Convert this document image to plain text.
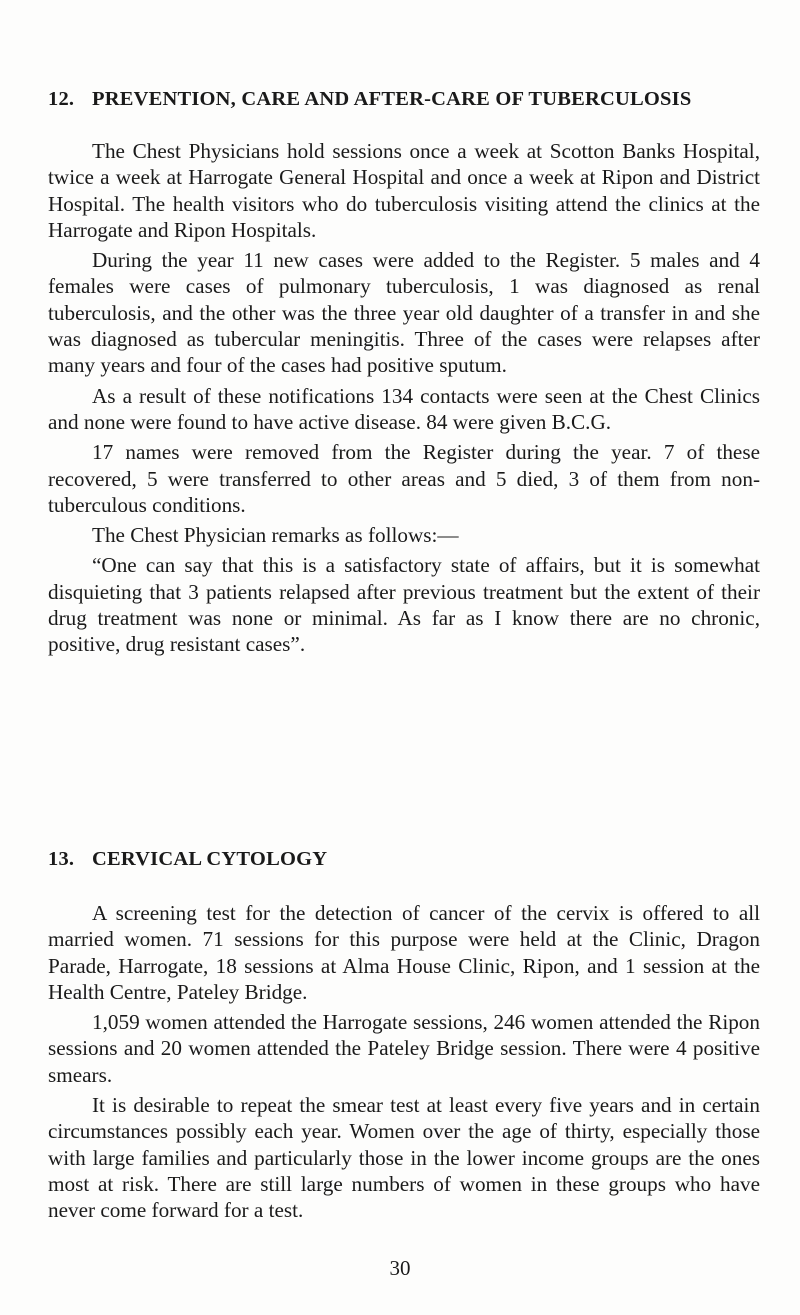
12. PREVENTION, CARE AND AFTER-CARE OF TUBERCULOSIS

The Chest Physicians hold sessions once a week at Scotton Banks Hospital, twice a week at Harrogate General Hospital and once a week at Ripon and District Hospital. The health visitors who do tuberculosis visiting attend the clinics at the Harrogate and Ripon Hospitals.

During the year 11 new cases were added to the Register. 5 males and 4 females were cases of pulmonary tuberculosis, 1 was diagnosed as renal tuberculosis, and the other was the three year old daughter of a transfer in and she was diagnosed as tubercular meningitis. Three of the cases were relapses after many years and four of the cases had positive sputum.

As a result of these notifications 134 contacts were seen at the Chest Clinics and none were found to have active disease. 84 were given B.C.G.

17 names were removed from the Register during the year. 7 of these recovered, 5 were transferred to other areas and 5 died, 3 of them from non-tuberculous conditions.

The Chest Physician remarks as follows:—

“One can say that this is a satisfactory state of affairs, but it is somewhat disquieting that 3 patients relapsed after previous treatment but the extent of their drug treatment was none or minimal. As far as I know there are no chronic, positive, drug resistant cases”.

13. CERVICAL CYTOLOGY

A screening test for the detection of cancer of the cervix is offered to all married women. 71 sessions for this purpose were held at the Clinic, Dragon Parade, Harrogate, 18 sessions at Alma House Clinic, Ripon, and 1 session at the Health Centre, Pateley Bridge.

1,059 women attended the Harrogate sessions, 246 women attended the Ripon sessions and 20 women attended the Pateley Bridge session. There were 4 positive smears.

It is desirable to repeat the smear test at least every five years and in certain circumstances possibly each year. Women over the age of thirty, especially those with large families and particularly those in the lower income groups are the ones most at risk. There are still large numbers of women in these groups who have never come forward for a test.

30
